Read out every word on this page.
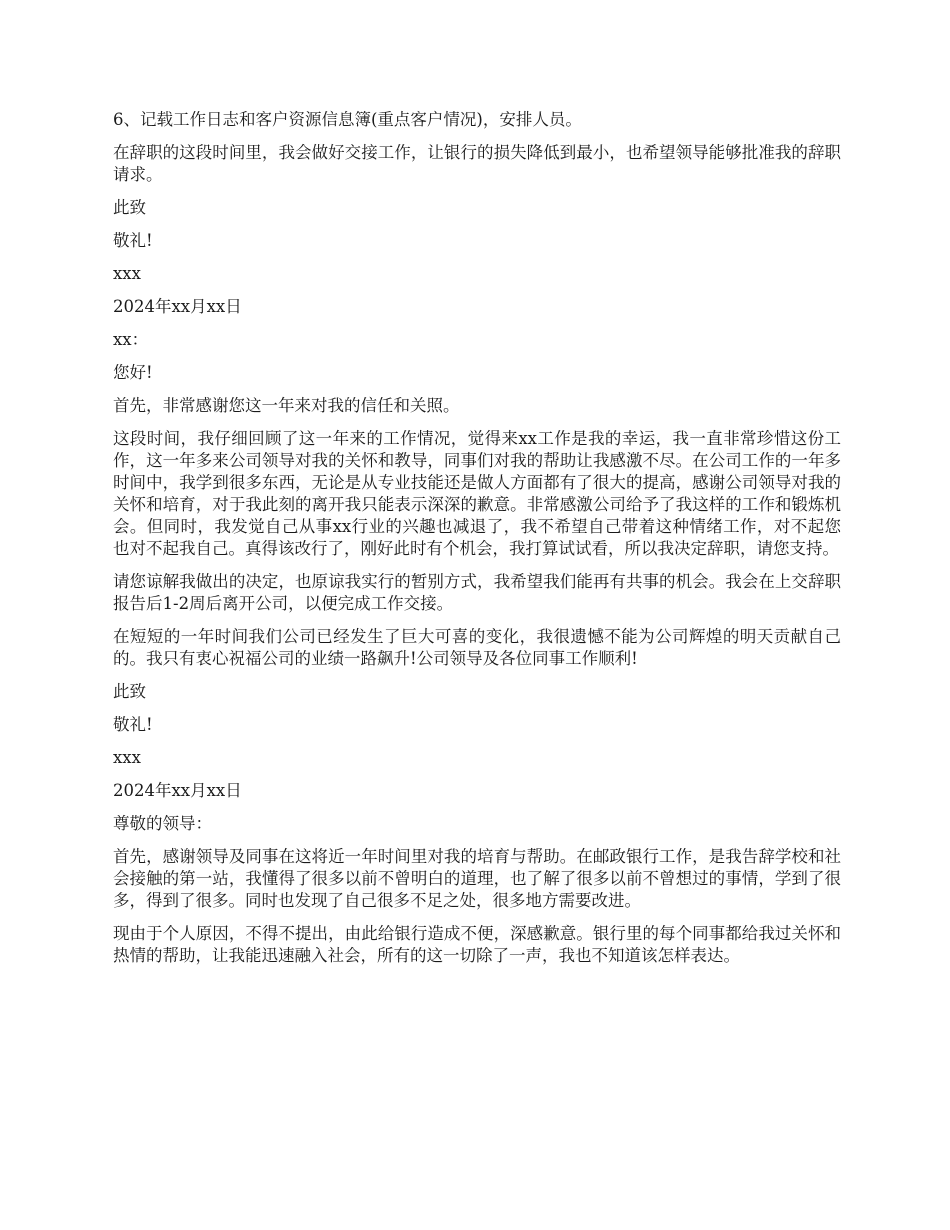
6、记载工作日志和客户资源信息簿(重点客户情况)，安排人员。

在辞职的这段时间里，我会做好交接工作，让银行的损失降低到最小，也希望领导能够批准我的辞职请求。

此致

敬礼!

xxx

2024年xx月xx日

xx：

您好!

首先，非常感谢您这一年来对我的信任和关照。

这段时间，我仔细回顾了这一年来的工作情况，觉得来xx工作是我的幸运，我一直非常珍惜这份工作，这一年多来公司领导对我的关怀和教导，同事们对我的帮助让我感激不尽。在公司工作的一年多时间中，我学到很多东西，无论是从专业技能还是做人方面都有了很大的提高，感谢公司领导对我的关怀和培育，对于我此刻的离开我只能表示深深的歉意。非常感激公司给予了我这样的工作和锻炼机会。但同时，我发觉自己从事xx行业的兴趣也减退了，我不希望自己带着这种情绪工作，对不起您也对不起我自己。真得该改行了，刚好此时有个机会，我打算试试看，所以我决定辞职，请您支持。

请您谅解我做出的决定，也原谅我实行的暂别方式，我希望我们能再有共事的机会。我会在上交辞职报告后1-2周后离开公司，以便完成工作交接。

在短短的一年时间我们公司已经发生了巨大可喜的变化，我很遗憾不能为公司辉煌的明天贡献自己的。我只有衷心祝福公司的业绩一路飙升!公司领导及各位同事工作顺利!

此致

敬礼!

xxx

2024年xx月xx日

尊敬的领导：

首先，感谢领导及同事在这将近一年时间里对我的培育与帮助。在邮政银行工作，是我告辞学校和社会接触的第一站，我懂得了很多以前不曾明白的道理，也了解了很多以前不曾想过的事情，学到了很多，得到了很多。同时也发现了自己很多不足之处，很多地方需要改进。

现由于个人原因，不得不提出，由此给银行造成不便，深感歉意。银行里的每个同事都给我过关怀和热情的帮助，让我能迅速融入社会，所有的这一切除了一声，我也不知道该怎样表达。
